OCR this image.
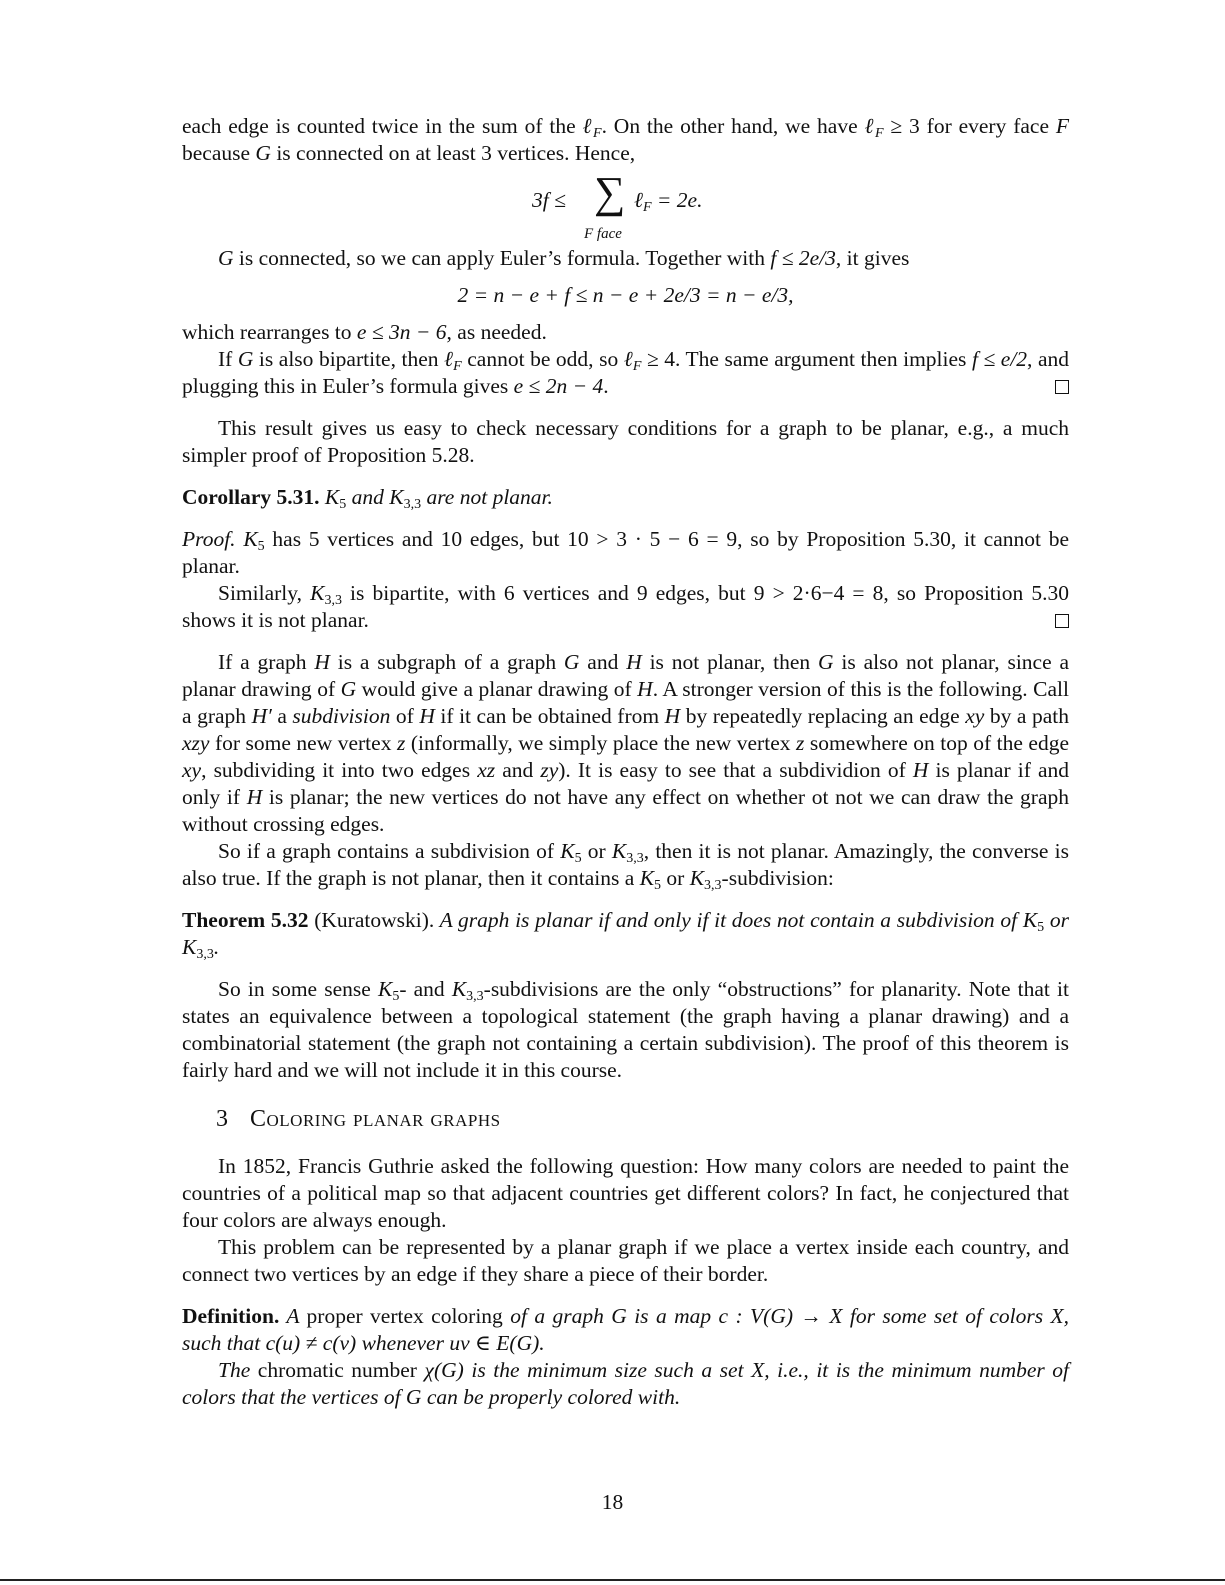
each edge is counted twice in the sum of the ℓ$_F$. On the other hand, we have ℓ$_F$ ≥ 3 for every face F because G is connected on at least 3 vertices. Hence,

3f ≤ ∑ ℓ$_F$ = 2e.
F face

G is connected, so we can apply Euler’s formula. Together with f ≤ 2e/3, it gives

2 = n − e + f ≤ n − e + 2e/3 = n − e/3,

which rearranges to e ≤ 3n − 6, as needed.

If G is also bipartite, then ℓ$_F$ cannot be odd, so ℓ$_F$ ≥ 4. The same argument then implies f ≤ e/2, and plugging this in Euler’s formula gives e ≤ 2n − 4.

This result gives us easy to check necessary conditions for a graph to be planar, e.g., a much simpler proof of Proposition 5.28.

Corollary 5.31. $K_5$ and $K_{3,3}$ are not planar.

Proof. $K_5$ has 5 vertices and 10 edges, but 10 > 3 · 5 − 6 = 9, so by Proposition 5.30, it cannot be planar.

Similarly, $K_{3,3}$ is bipartite, with 6 vertices and 9 edges, but 9 > 2·6−4 = 8, so Proposition 5.30 shows it is not planar.

If a graph H is a subgraph of a graph G and H is not planar, then G is also not planar, since a planar drawing of G would give a planar drawing of H. A stronger version of this is the following. Call a graph H′ a subdivision of H if it can be obtained from H by repeatedly replacing an edge xy by a path xzy for some new vertex z (informally, we simply place the new vertex z somewhere on top of the edge xy, subdividing it into two edges xz and zy). It is easy to see that a subdividion of H is planar if and only if H is planar; the new vertices do not have any effect on whether ot not we can draw the graph without crossing edges.

So if a graph contains a subdivision of $K_5$ or $K_{3,3}$, then it is not planar. Amazingly, the converse is also true. If the graph is not planar, then it contains a $K_5$ or $K_{3,3}$-subdivision:

Theorem 5.32 (Kuratowski). A graph is planar if and only if it does not contain a subdivision of $K_5$ or $K_{3,3}$.

So in some sense $K_5-$ and $K_{3,3}$-subdivisions are the only “obstructions” for planarity. Note that it states an equivalence between a topological statement (the graph having a planar drawing) and a combinatorial statement (the graph not containing a certain subdivision). The proof of this theorem is fairly hard and we will not include it in this course.

3 Coloring planar graphs

In 1852, Francis Guthrie asked the following question: How many colors are needed to paint the countries of a political map so that adjacent countries get different colors? In fact, he conjectured that four colors are always enough.

This problem can be represented by a planar graph if we place a vertex inside each country, and connect two vertices by an edge if they share a piece of their border.

Definition. A proper vertex coloring of a graph G is a map c : V(G) → X for some set of colors X, such that c(u) ≠ c(v) whenever uv ∈ E(G).

The chromatic number χ(G) is the minimum size such a set X, i.e., it is the minimum number of colors that the vertices of G can be properly colored with.

18
